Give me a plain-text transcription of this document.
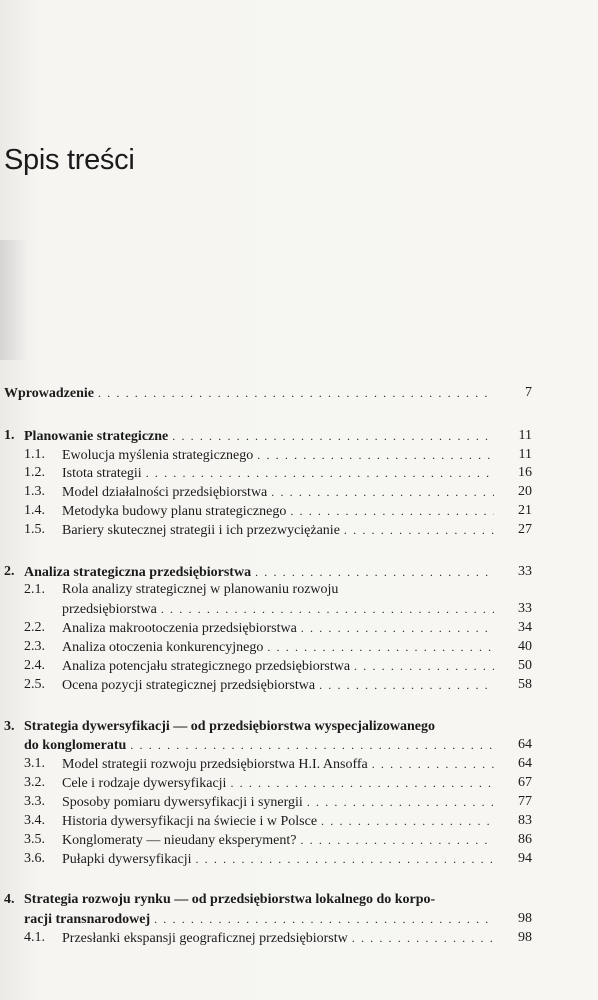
Spis treści
Wprowadzenie . . .	7
1. Planowanie strategiczne . . .	11
1.1. Ewolucja myślenia strategicznego . . .	11
1.2. Istota strategii . . .	16
1.3. Model działalności przedsiębiorstwa . . .	20
1.4. Metodyka budowy planu strategicznego . . .	21
1.5. Bariery skutecznej strategii i ich przezwyciężanie . . .	27
2. Analiza strategiczna przedsiębiorstwa . . .	33
2.1. Rola analizy strategicznej w planowaniu rozwoju
przedsiębiorstwa . . .	33
2.2. Analiza makrootoczenia przedsiębiorstwa . . .	34
2.3. Analiza otoczenia konkurencyjnego . . .	40
2.4. Analiza potencjału strategicznego przedsiębiorstwa . . .	50
2.5. Ocena pozycji strategicznej przedsiębiorstwa . . .	58
3. Strategia dywersyfikacji — od przedsiębiorstwa wyspecjalizowanego
do konglomeratu . . .	64
3.1. Model strategii rozwoju przedsiębiorstwa H.I. Ansoffa . . .	64
3.2. Cele i rodzaje dywersyfikacji . . .	67
3.3. Sposoby pomiaru dywersyfikacji i synergii . . .	77
3.4. Historia dywersyfikacji na świecie i w Polsce . . .	83
3.5. Konglomeraty — nieudany eksperyment? . . .	86
3.6. Pułapki dywersyfikacji . . .	94
4. Strategia rozwoju rynku — od przedsiębiorstwa lokalnego do korpo-
racji transnarodowej . . .	98
4.1. Przesłanki ekspansji geograficznej przedsiębiorstw . . .	98
